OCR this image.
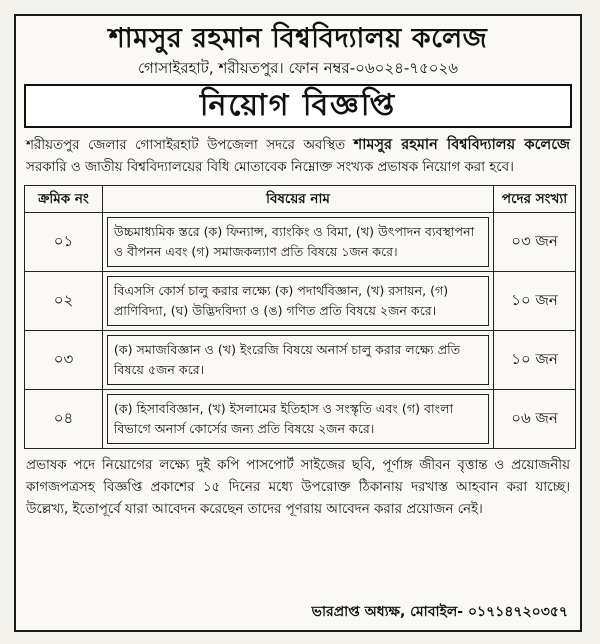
শামসুর রহমান বিশ্ববিদ্যালয় কলেজ
গোসাইরহাট, শরীয়তপুর। ফোন নম্বর-০৬০২৪-৭৫০২৬
নিয়োগ বিজ্ঞপ্তি
শরীয়তপুর জেলার গোসাইরহাট উপজেলা সদরে অবস্থিত শামসুর রহমান বিশ্ববিদ্যালয় কলেজে সরকারি ও জাতীয় বিশ্ববিদ্যালয়ের বিধি মোতাবেক নিম্নোক্ত সংখ্যক প্রভাষক নিয়োগ করা হবে।
ক্রমিক নং	বিষয়ের নাম	পদের সংখ্যা
০১	উচ্চমাধ্যমিক স্তরে (ক) ফিন্যান্স, ব্যাংকিং ও বিমা, (খ) উৎপাদন ব্যবস্থাপনা ও বীপনন এবং (গ) সমাজকল্যাণ প্রতি বিষয়ে ১জন করে।	০৩ জন
০২	বিএসসি কোর্স চালু করার লক্ষ্যে (ক) পদার্থবিজ্ঞান, (খ) রসায়ন, (গ) প্রাণিবিদ্যা, (ঘ) উদ্ভিদবিদ্যা ও (ঙ) গণিত প্রতি বিষয়ে ২জন করে।	১০ জন
০৩	(ক) সমাজবিজ্ঞান ও (খ) ইংরেজি বিষয়ে অনার্স চালু করার লক্ষ্যে প্রতি বিষয়ে ৫জন করে।	১০ জন
০৪	(ক) হিসাববিজ্ঞান, (খ) ইসলামের ইতিহাস ও সংস্কৃতি এবং (গ) বাংলা বিভাগে অনার্স কোর্সের জন্য প্রতি বিষয়ে ২জন করে।	০৬ জন
প্রভাষক পদে নিয়োগের লক্ষ্যে দুই কপি পাসপোর্ট সাইজের ছবি, পূর্ণাঙ্গ জীবন বৃত্তান্ত ও প্রয়োজনীয় কাগজপত্রসহ বিজ্ঞপ্তি প্রকাশের ১৫ দিনের মধ্যে উপরোক্ত ঠিকানায় দরখাস্ত আহবান করা যাচ্ছে। উল্লেখ্য, ইতোপূর্বে যারা আবেদন করেছেন তাদের পূণরায় আবেদন করার প্রয়োজন নেই।
ভারপ্রাপ্ত অধ্যক্ষ, মোবাইল- ০১৭১৪৭২০৩৫৭
